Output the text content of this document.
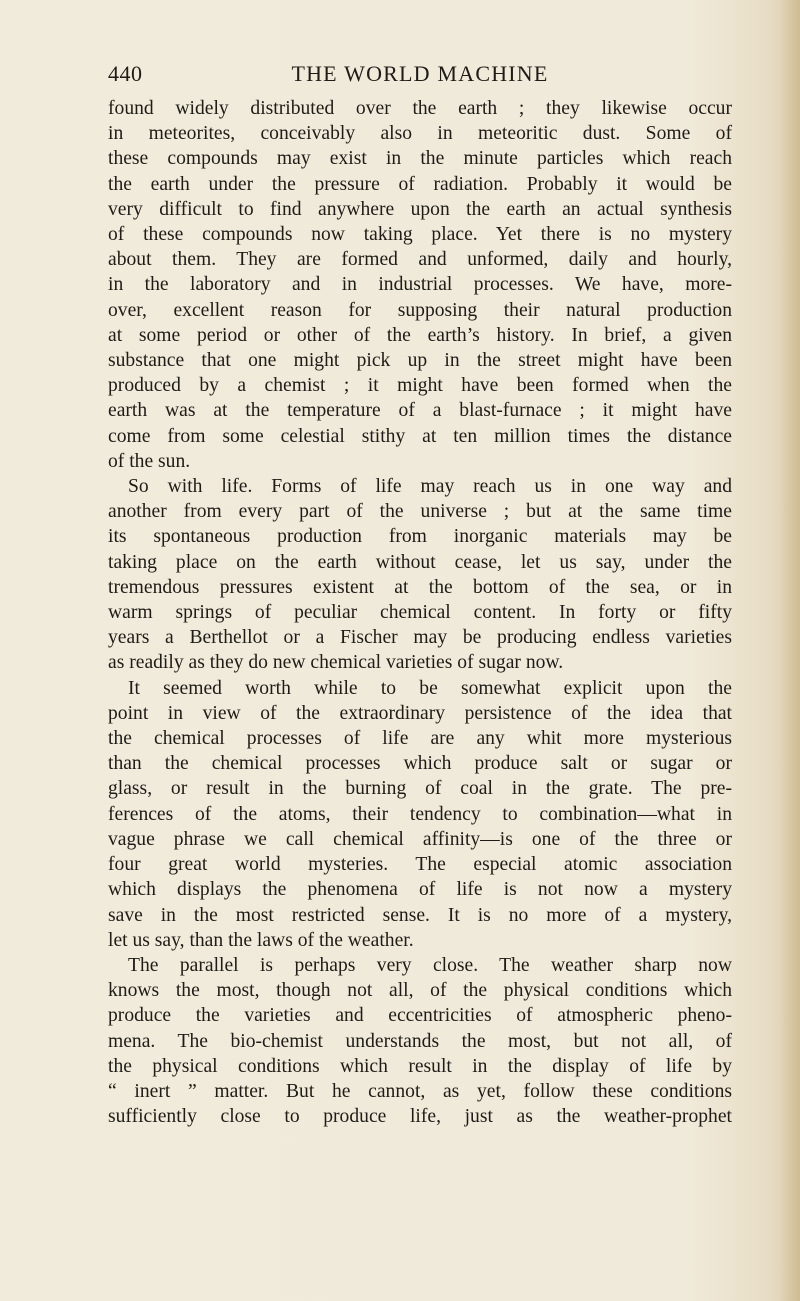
440	THE WORLD MACHINE

found widely distributed over the earth ; they likewise occur

in meteorites, conceivably also in meteoritic dust. Some of

these compounds may exist in the minute particles which reach

the earth under the pressure of radiation. Probably it would be

very difficult to find anywhere upon the earth an actual synthesis

of these compounds now taking place. Yet there is no mystery

about them. They are formed and unformed, daily and hourly,

in the laboratory and in industrial processes. We have, more-

over, excellent reason for supposing their natural production

at some period or other of the earth’s history. In brief, a given

substance that one might pick up in the street might have been

produced by a chemist ; it might have been formed when the

earth was at the temperature of a blast-furnace ; it might have

come from some celestial stithy at ten million times the distance

of the sun.

So with life. Forms of life may reach us in one way and

another from every part of the universe ; but at the same time

its spontaneous production from inorganic materials may be

taking place on the earth without cease, let us say, under the

tremendous pressures existent at the bottom of the sea, or in

warm springs of peculiar chemical content. In forty or fifty

years a Berthellot or a Fischer may be producing endless varieties

as readily as they do new chemical varieties of sugar now.

It seemed worth while to be somewhat explicit upon the

point in view of the extraordinary persistence of the idea that

the chemical processes of life are any whit more mysterious

than the chemical processes which produce salt or sugar or

glass, or result in the burning of coal in the grate. The pre-

ferences of the atoms, their tendency to combination—what in

vague phrase we call chemical affinity—is one of the three or

four great world mysteries. The especial atomic association

which displays the phenomena of life is not now a mystery

save in the most restricted sense. It is no more of a mystery,

let us say, than the laws of the weather.

The parallel is perhaps very close. The weather sharp now

knows the most, though not all, of the physical conditions which

produce the varieties and eccentricities of atmospheric pheno-

mena. The bio-chemist understands the most, but not all, of

the physical conditions which result in the display of life by

“ inert ” matter. But he cannot, as yet, follow these conditions

sufficiently close to produce life, just as the weather-prophet
